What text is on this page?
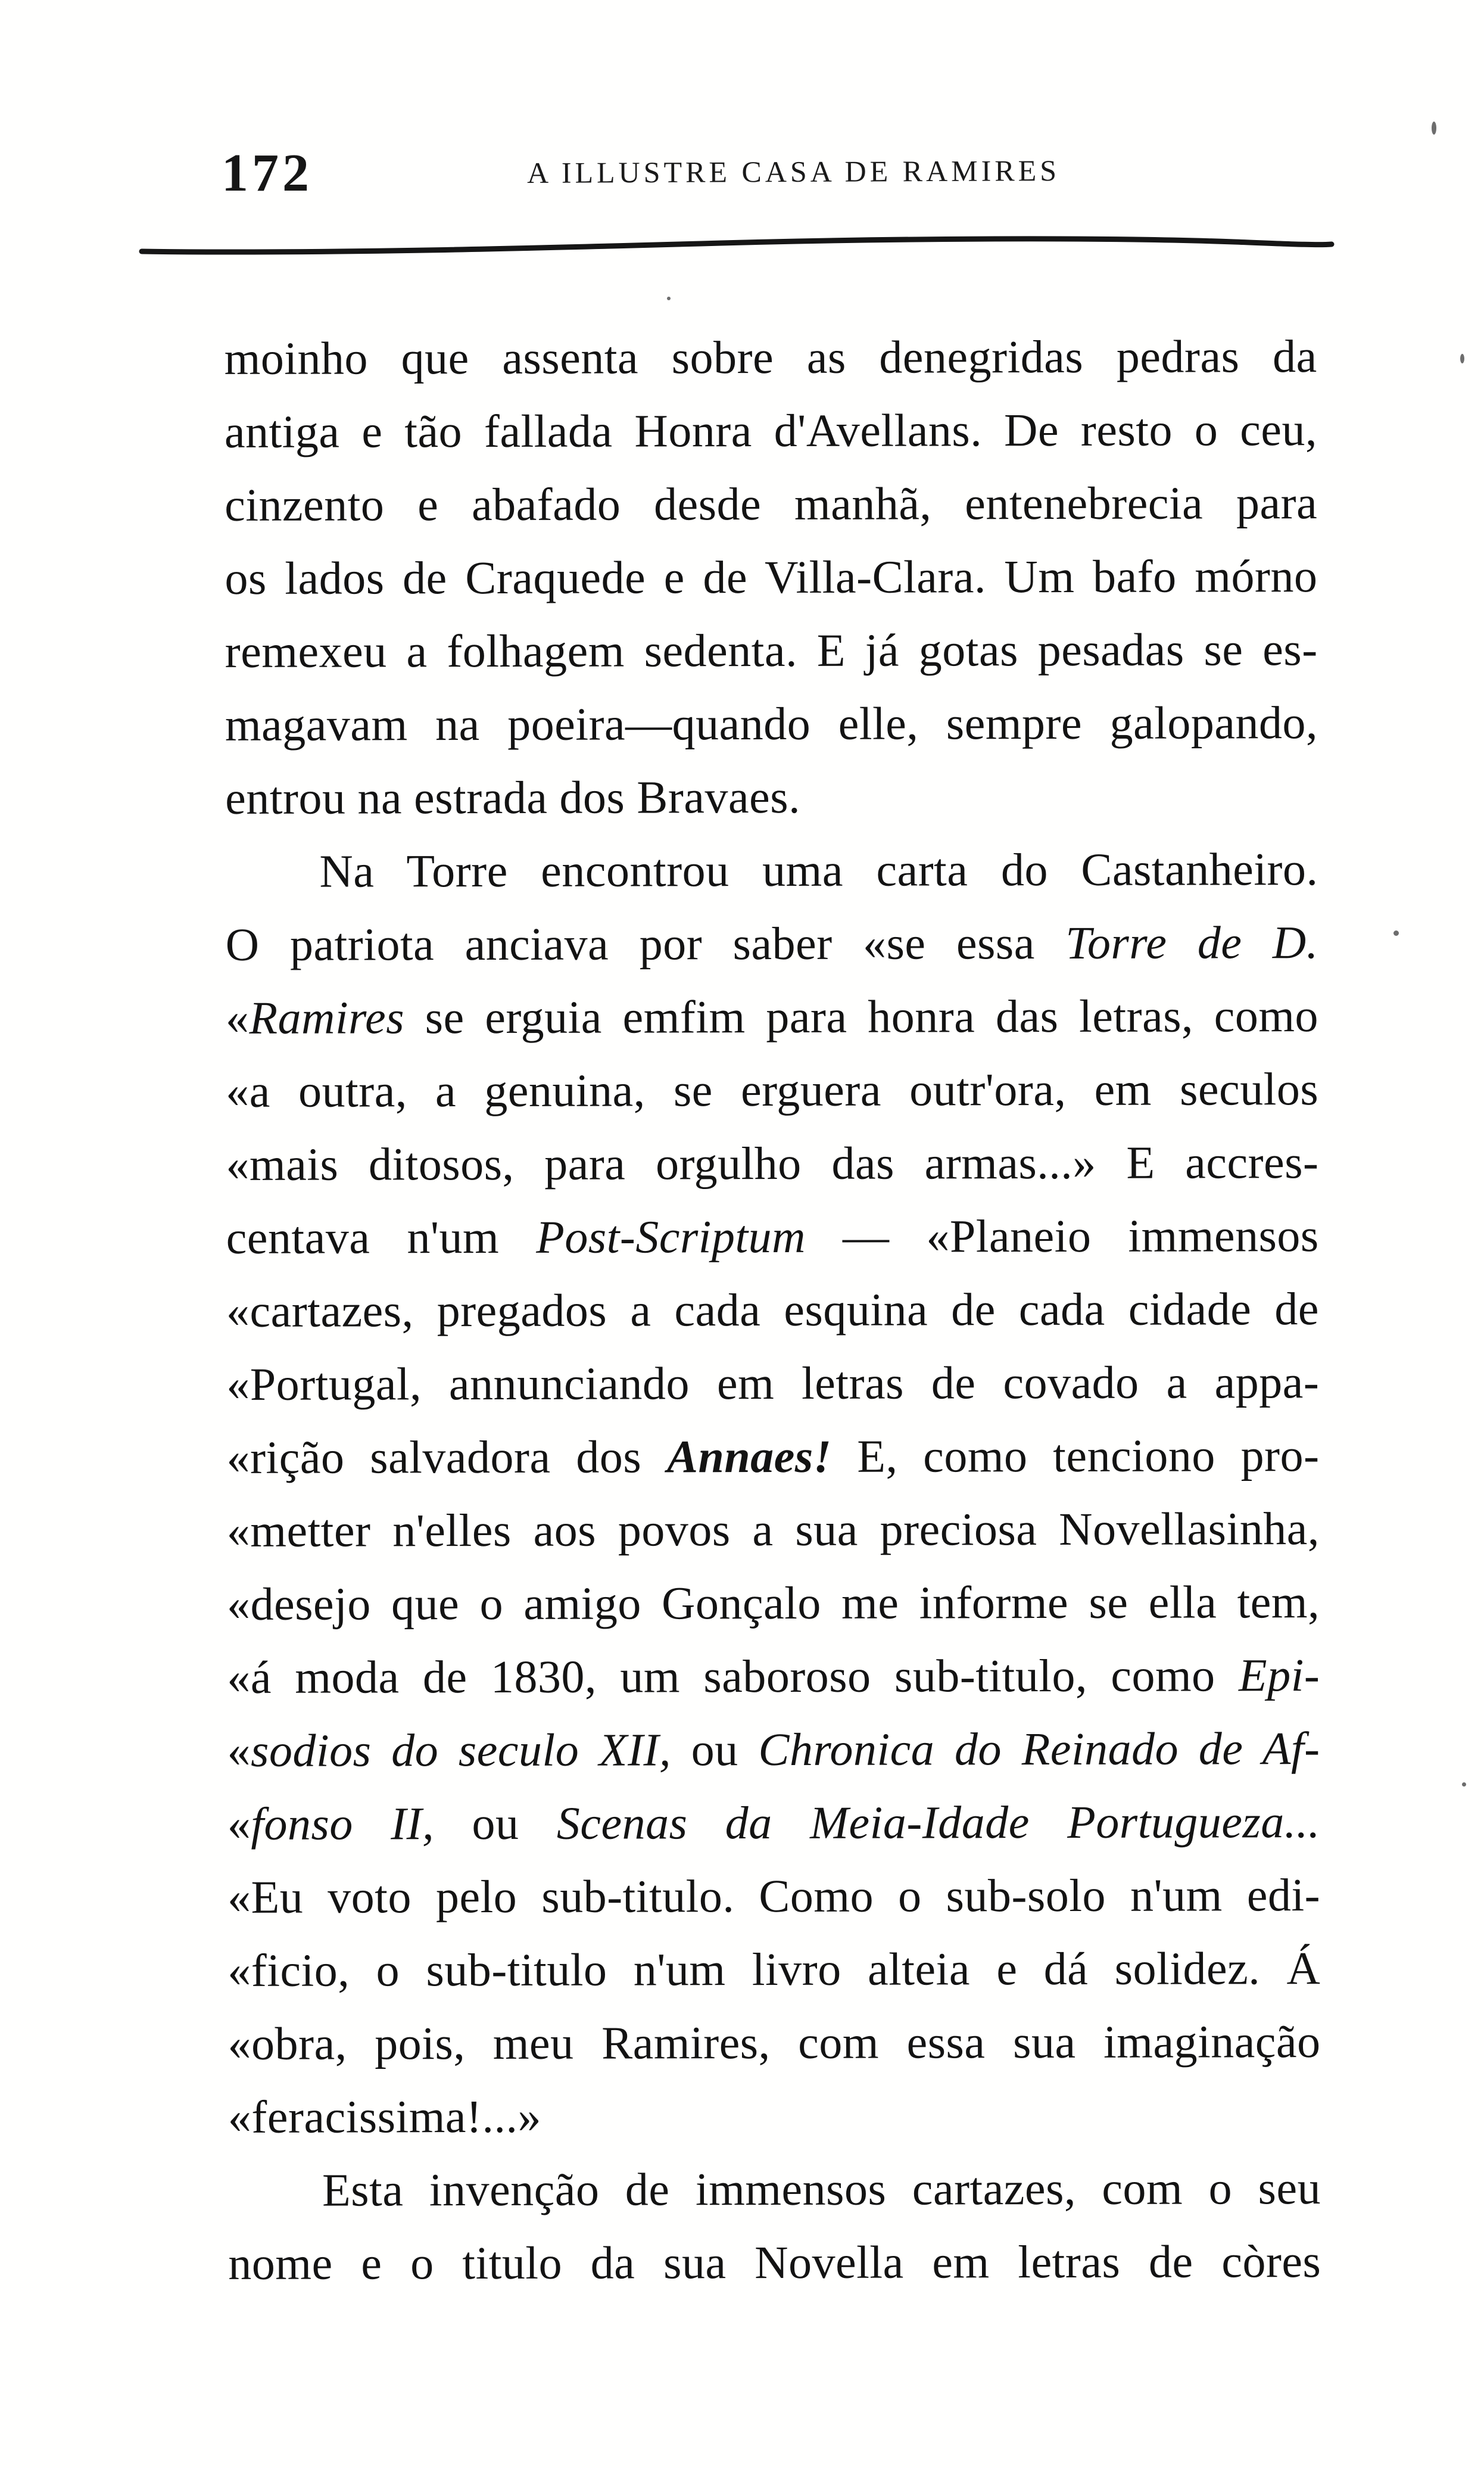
172	A ILLUSTRE CASA DE RAMIRES
moinho que assenta sobre as denegridas pedras da
antiga e tão fallada Honra d'Avellans. De resto o ceu,
cinzento e abafado desde manhã, entenebrecia para
os lados de Craquede e de Villa-Clara. Um bafo mórno
remexeu a folhagem sedenta. E já gotas pesadas se es-
magavam na poeira—quando elle, sempre galopando,
entrou na estrada dos Bravaes.
Na Torre encontrou uma carta do Castanheiro.
O patriota anciava por saber «se essa Torre de D.
«Ramires se erguia emfim para honra das letras, como
«a outra, a genuina, se erguera outr'ora, em seculos
«mais ditosos, para orgulho das armas...» E accres-
centava n'um Post-Scriptum — «Planeio immensos
«cartazes, pregados a cada esquina de cada cidade de
«Portugal, annunciando em letras de covado a appa-
«rição salvadora dos Annaes! E, como tenciono pro-
«metter n'elles aos povos a sua preciosa Novellasinha,
«desejo que o amigo Gonçalo me informe se ella tem,
«á moda de 1830, um saboroso sub-titulo, como Epi-
«sodios do seculo XII, ou Chronica do Reinado de Af-
«fonso II, ou Scenas da Meia-Idade Portugueza...
«Eu voto pelo sub-titulo. Como o sub-solo n'um edi-
«ficio, o sub-titulo n'um livro alteia e dá solidez. Á
«obra, pois, meu Ramires, com essa sua imaginação
«feracissima!...»
Esta invenção de immensos cartazes, com o seu
nome e o titulo da sua Novella em letras de còres
